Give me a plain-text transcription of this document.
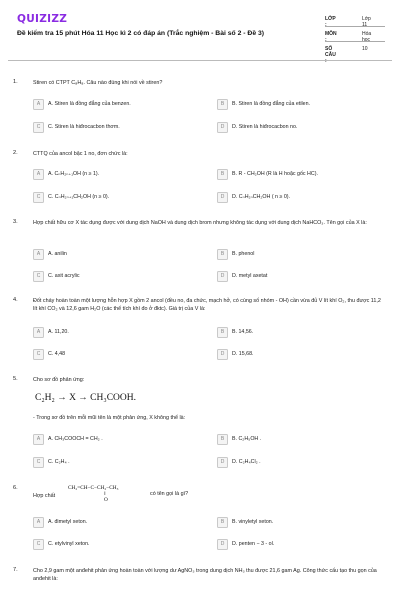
QUIZIZZ
Đề kiểm tra 15 phút Hóa 11 Học kì 2 có đáp án (Trắc nghiệm - Bài số 2 - Đề 3)
LỚP :
Lớp 11
MÔN :
Hóa học
SỐ CÂU :
10
1.	Stiren có CTPT C₈H₈. Câu nào đúng khi nói về stiren?
A	A. Stiren là đồng đẳng của benzen.	B	B. Stiren là đồng đẳng của etilen.
C	C. Stiren là hiđrocacbon thơm.	D	D. Stiren là hiđrocacbon no.
2.	CTTQ của ancol bậc 1 no, đơn chức là:
A	A. CₙH₂ₙ₊₁OH (n ≥ 1).	B	B. R - CH₂OH (R là H hoặc gốc HC).
C	C. CₙH₂ₙ₊₁CH₂OH (n ≥ 0).	D	D. CₙH₂ₙCH₂OH ( n ≥ 0).
3.	Hợp chất hữu cơ X tác dụng được với dung dịch NaOH và dung dịch brom nhưng không tác dụng với dung dịch NaHCO₃. Tên gọi của X là:
A	A. anilin	B	B. phenol
C	C. axit acrylic	D	D. metyl axetat
4.	Đốt cháy hoàn toàn một lượng hỗn hợp X gồm 2 ancol (đều no, đa chức, mạch hở, có cùng số nhóm - OH) cần vừa đủ V lít khí O₂, thu được 11,2 lít khí CO₂ và 12,6 gam H₂O (các thể tích khí đo ở đktc). Giá trị của V là:
A	A. 11,20.	B	B. 14,56.
C	C. 4,48	D	D. 15,68.
5.	Cho sơ đồ phản ứng:
C₂H₂ → X → CH₃COOH.
- Trong sơ đồ trên mỗi mũi tên là một phản ứng, X không thể là:
A	A. CH₃COOCH = CH₂ .	B	B. C₂H₅OH .
C	C. C₂H₄ .	D	D. C₂H₄Cl₂ .
6.
Hợp chất
CH₂=CH−C−CH₂−CH₃
‖
O
có tên gọi là gì?
A	A. đimetyl xeton.	B	B. vinyletyl xeton.
C	C. etylvinyl xeton.	D	D. penten − 3 - ol.
7.	Cho 2,9 gam một anđehit phản ứng hoàn toàn với lượng dư AgNO₃ trong dung dịch NH₃ thu được 21,6 gam Ag. Công thức cấu tạo thu gọn của anđehit là:
